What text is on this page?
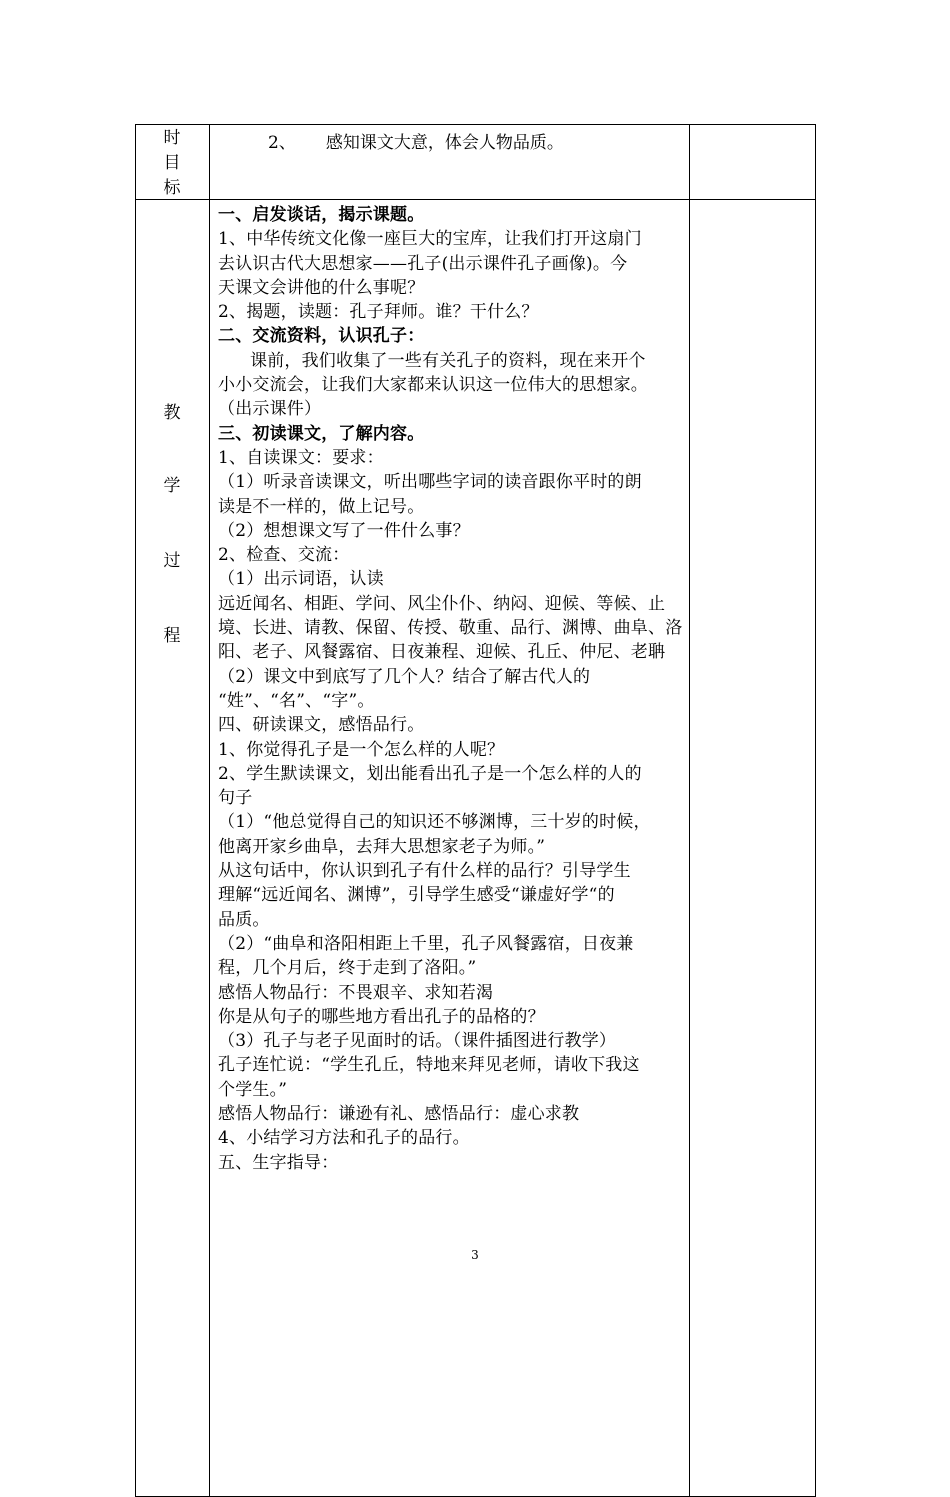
时
目
标
2、 感知课文大意，体会人物品质。
教
学
过
程

一、启发谈话，揭示课题。

1、中华传统文化像一座巨大的宝库，让我们打开这扇门

去认识古代大思想家——孔子(出示课件孔子画像)。今

天课文会讲他的什么事呢？

2、揭题，读题：孔子拜师。谁？干什么？

二、交流资料，认识孔子：

课前，我们收集了一些有关孔子的资料，现在来开个

小小交流会，让我们大家都来认识这一位伟大的思想家。

（出示课件）

三、初读课文，了解内容。

1、自读课文：要求：

（1）听录音读课文，听出哪些字词的读音跟你平时的朗

读是不一样的，做上记号。

（2）想想课文写了一件什么事？

2、检查、交流：

（1）出示词语，认读

远近闻名、相距、学问、风尘仆仆、纳闷、迎候、等候、止

境、长进、请教、保留、传授、敬重、品行、渊博、曲阜、洛

阳、老子、风餐露宿、日夜兼程、迎候、孔丘、仲尼、老聃

（2）课文中到底写了几个人？结合了解古代人的

“姓”、“名”、“字”。

四、研读课文，感悟品行。

1、你觉得孔子是一个怎么样的人呢？

2、学生默读课文，划出能看出孔子是一个怎么样的人的

句子

（1）“他总觉得自己的知识还不够渊博，三十岁的时候，

他离开家乡曲阜，去拜大思想家老子为师。”

从这句话中，你认识到孔子有什么样的品行？引导学生

理解“远近闻名、渊博”，引导学生感受“谦虚好学“的

品质。

（2）“曲阜和洛阳相距上千里，孔子风餐露宿，日夜兼

程，几个月后，终于走到了洛阳。”

感悟人物品行：不畏艰辛、求知若渴

你是从句子的哪些地方看出孔子的品格的？

（3）孔子与老子见面时的话。（课件插图进行教学）

孔子连忙说：“学生孔丘，特地来拜见老师，请收下我这

个学生。”

感悟人物品行：谦逊有礼、感悟品行：虚心求教

4、小结学习方法和孔子的品行。

五、生字指导：

3
